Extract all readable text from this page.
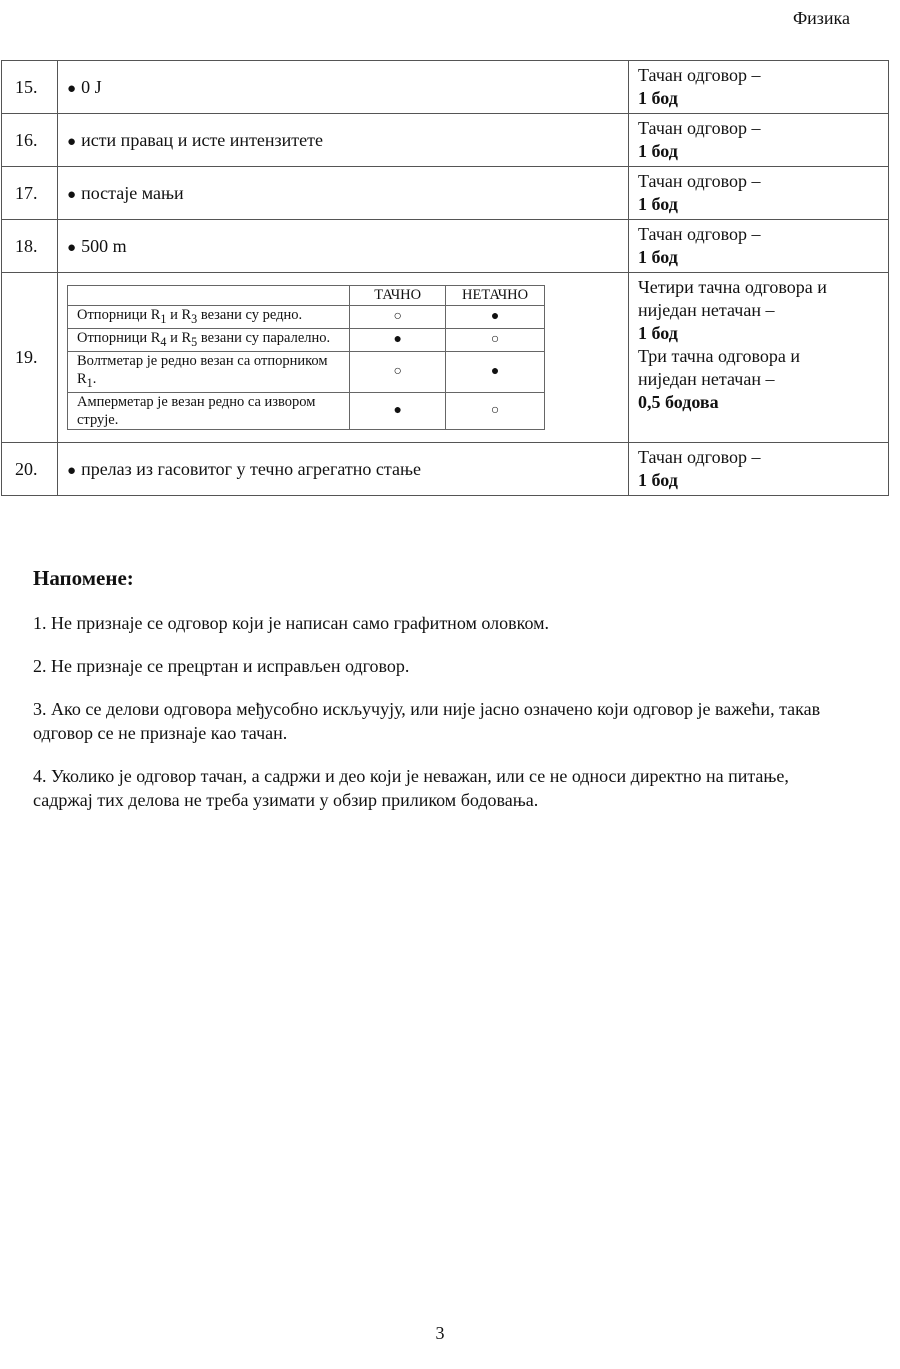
Физика
15.	● 0 J	Тачан одговор –
1 бод
16.	● исти правац и исте интензитете	Тачан одговор –
1 бод
17.	● постаје мањи	Тачан одговор –
1 бод
18.	● 500 m	Тачан одговор –
1 бод
19.	
	ТАЧНО	НЕТАЧНО
Отпорници $R_1$ и $R_3$ везани су редно.	○	●
Отпорници $R_4$ и $R_5$ везани су паралелно.	●	○
Волтметар је редно везан са отпорником $R_1$.	○	●
Амперметар је везан редно са извором струје.	●	○
	Четири тачна одговора и
ниједан нетачан –
1 бод
Три тачна одговора и
ниједан нетачан –
0,5 бодова
20.	● прелаз из гасовитог у течно агрегатно стање	Тачан одговор –
1 бод
Напомене:

1. Не признаје се одговор који је написан само графитном оловком.

2. Не признаје се прецртан и исправљен одговор.

3. Ако се делови одговора међусобно искључују, или није јасно означено који одговор је важећи, такав одговор се не признаје као тачан.

4. Уколико је одговор тачан, а садржи и део који је неважан, или се не односи директно на питање, садржај тих делова не треба узимати у обзир приликом бодовања.

3
